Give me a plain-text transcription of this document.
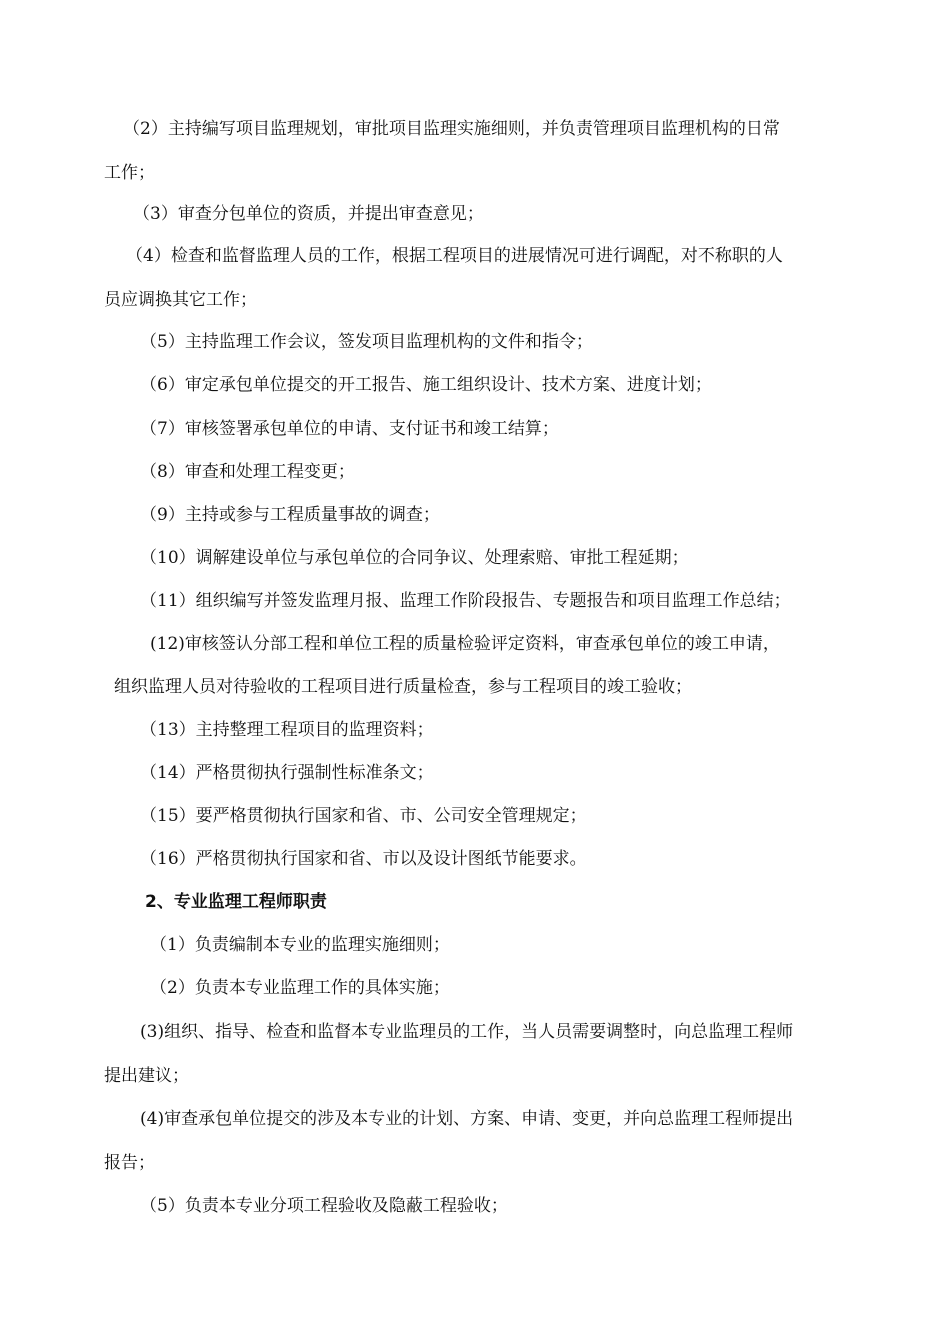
（2）主持编写项目监理规划，审批项目监理实施细则，并负责管理项目监理机构的日常
工作；
（3）审查分包单位的资质，并提出审查意见；
（4）检查和监督监理人员的工作，根据工程项目的进展情况可进行调配，对不称职的人
员应调换其它工作；
（5）主持监理工作会议，签发项目监理机构的文件和指令；
（6）审定承包单位提交的开工报告、施工组织设计、技术方案、进度计划；
（7）审核签署承包单位的申请、支付证书和竣工结算；
（8）审查和处理工程变更；
（9）主持或参与工程质量事故的调查；
（10）调解建设单位与承包单位的合同争议、处理索赔、审批工程延期；
（11）组织编写并签发监理月报、监理工作阶段报告、专题报告和项目监理工作总结；
(12)审核签认分部工程和单位工程的质量检验评定资料，审查承包单位的竣工申请，
组织监理人员对待验收的工程项目进行质量检查，参与工程项目的竣工验收；
（13）主持整理工程项目的监理资料；
（14）严格贯彻执行强制性标准条文；
（15）要严格贯彻执行国家和省、市、公司安全管理规定；
（16）严格贯彻执行国家和省、市以及设计图纸节能要求。
2、专业监理工程师职责
（1）负责编制本专业的监理实施细则；
（2）负责本专业监理工作的具体实施；
(3)组织、指导、检查和监督本专业监理员的工作，当人员需要调整时，向总监理工程师
提出建议；
(4)审查承包单位提交的涉及本专业的计划、方案、申请、变更，并向总监理工程师提出
报告；
（5）负责本专业分项工程验收及隐蔽工程验收；
